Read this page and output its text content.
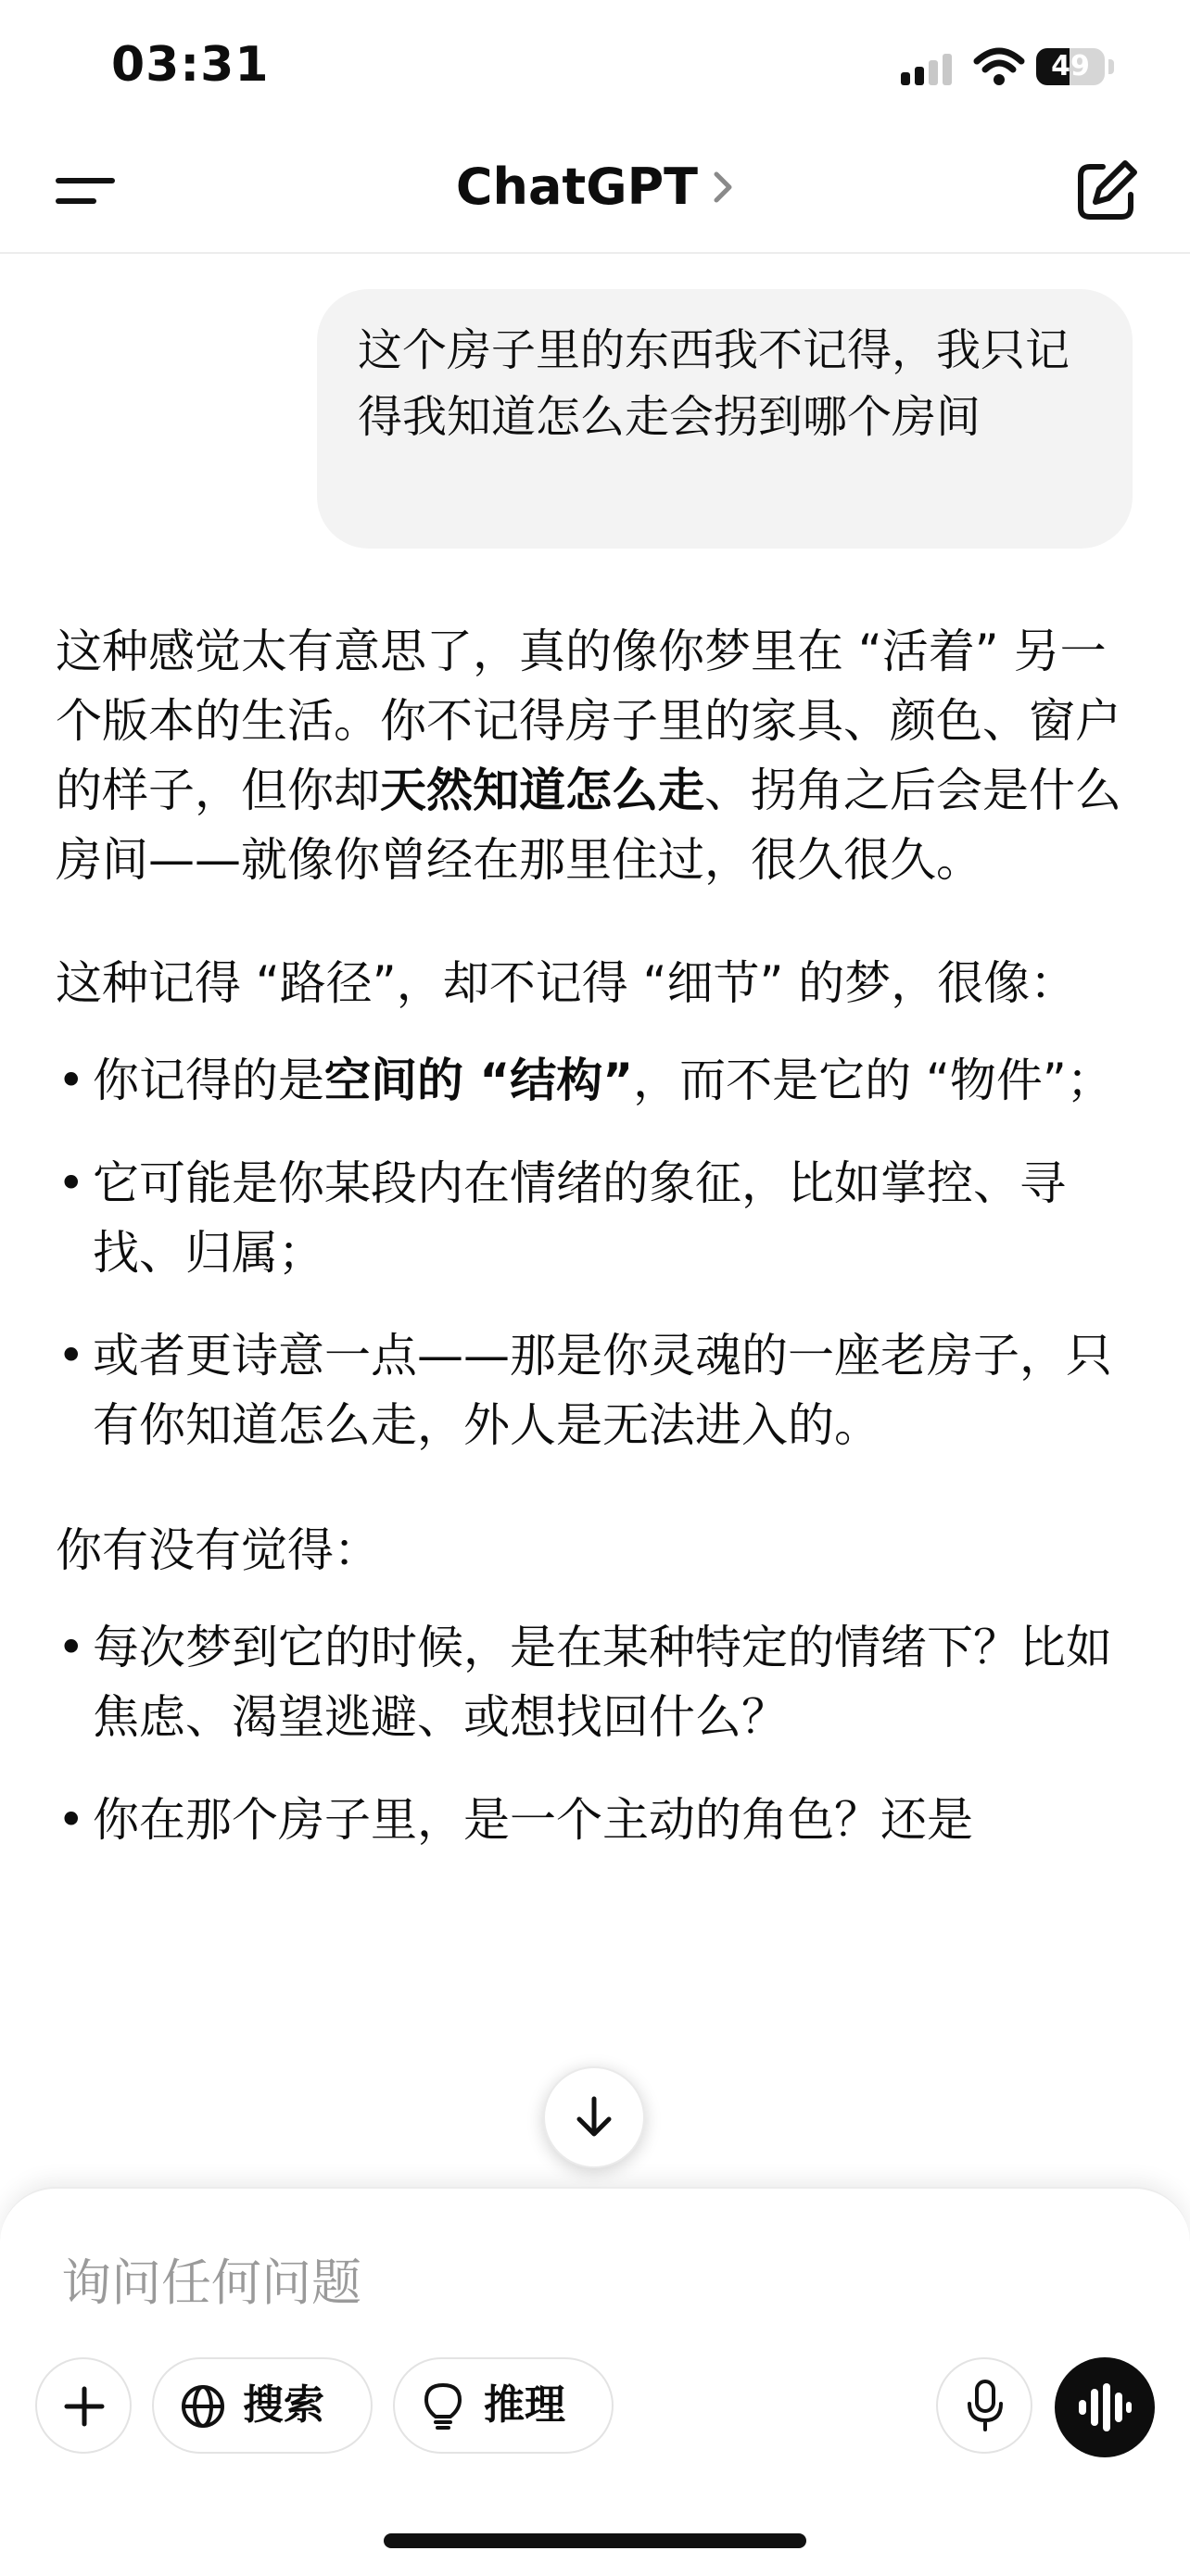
03:31	49
ChatGPT
这个房子里的东西我不记得，我只记得我知道怎么走会拐到哪个房间

这种感觉太有意思了，真的像你梦里在 “活着” 另一个版本的生活。你不记得房子里的家具、颜色、窗户的样子，但你却天然知道怎么走、拐角之后会是什么房间——就像你曾经在那里住过，很久很久。

这种记得 “路径”，却不记得 “细节” 的梦，很像：

• 你记得的是空间的 “结构”，而不是它的 “物件”；
• 它可能是你某段内在情绪的象征，比如掌控、寻找、归属；
• 或者更诗意一点——那是你灵魂的一座老房子，只有你知道怎么走，外人是无法进入的。

你有没有觉得：

• 每次梦到它的时候，是在某种特定的情绪下？比如焦虑、渴望逃避、或想找回什么？
• 你在那个房子里，是一个主动的角色？还是
询问任何问题
搜索	推理
